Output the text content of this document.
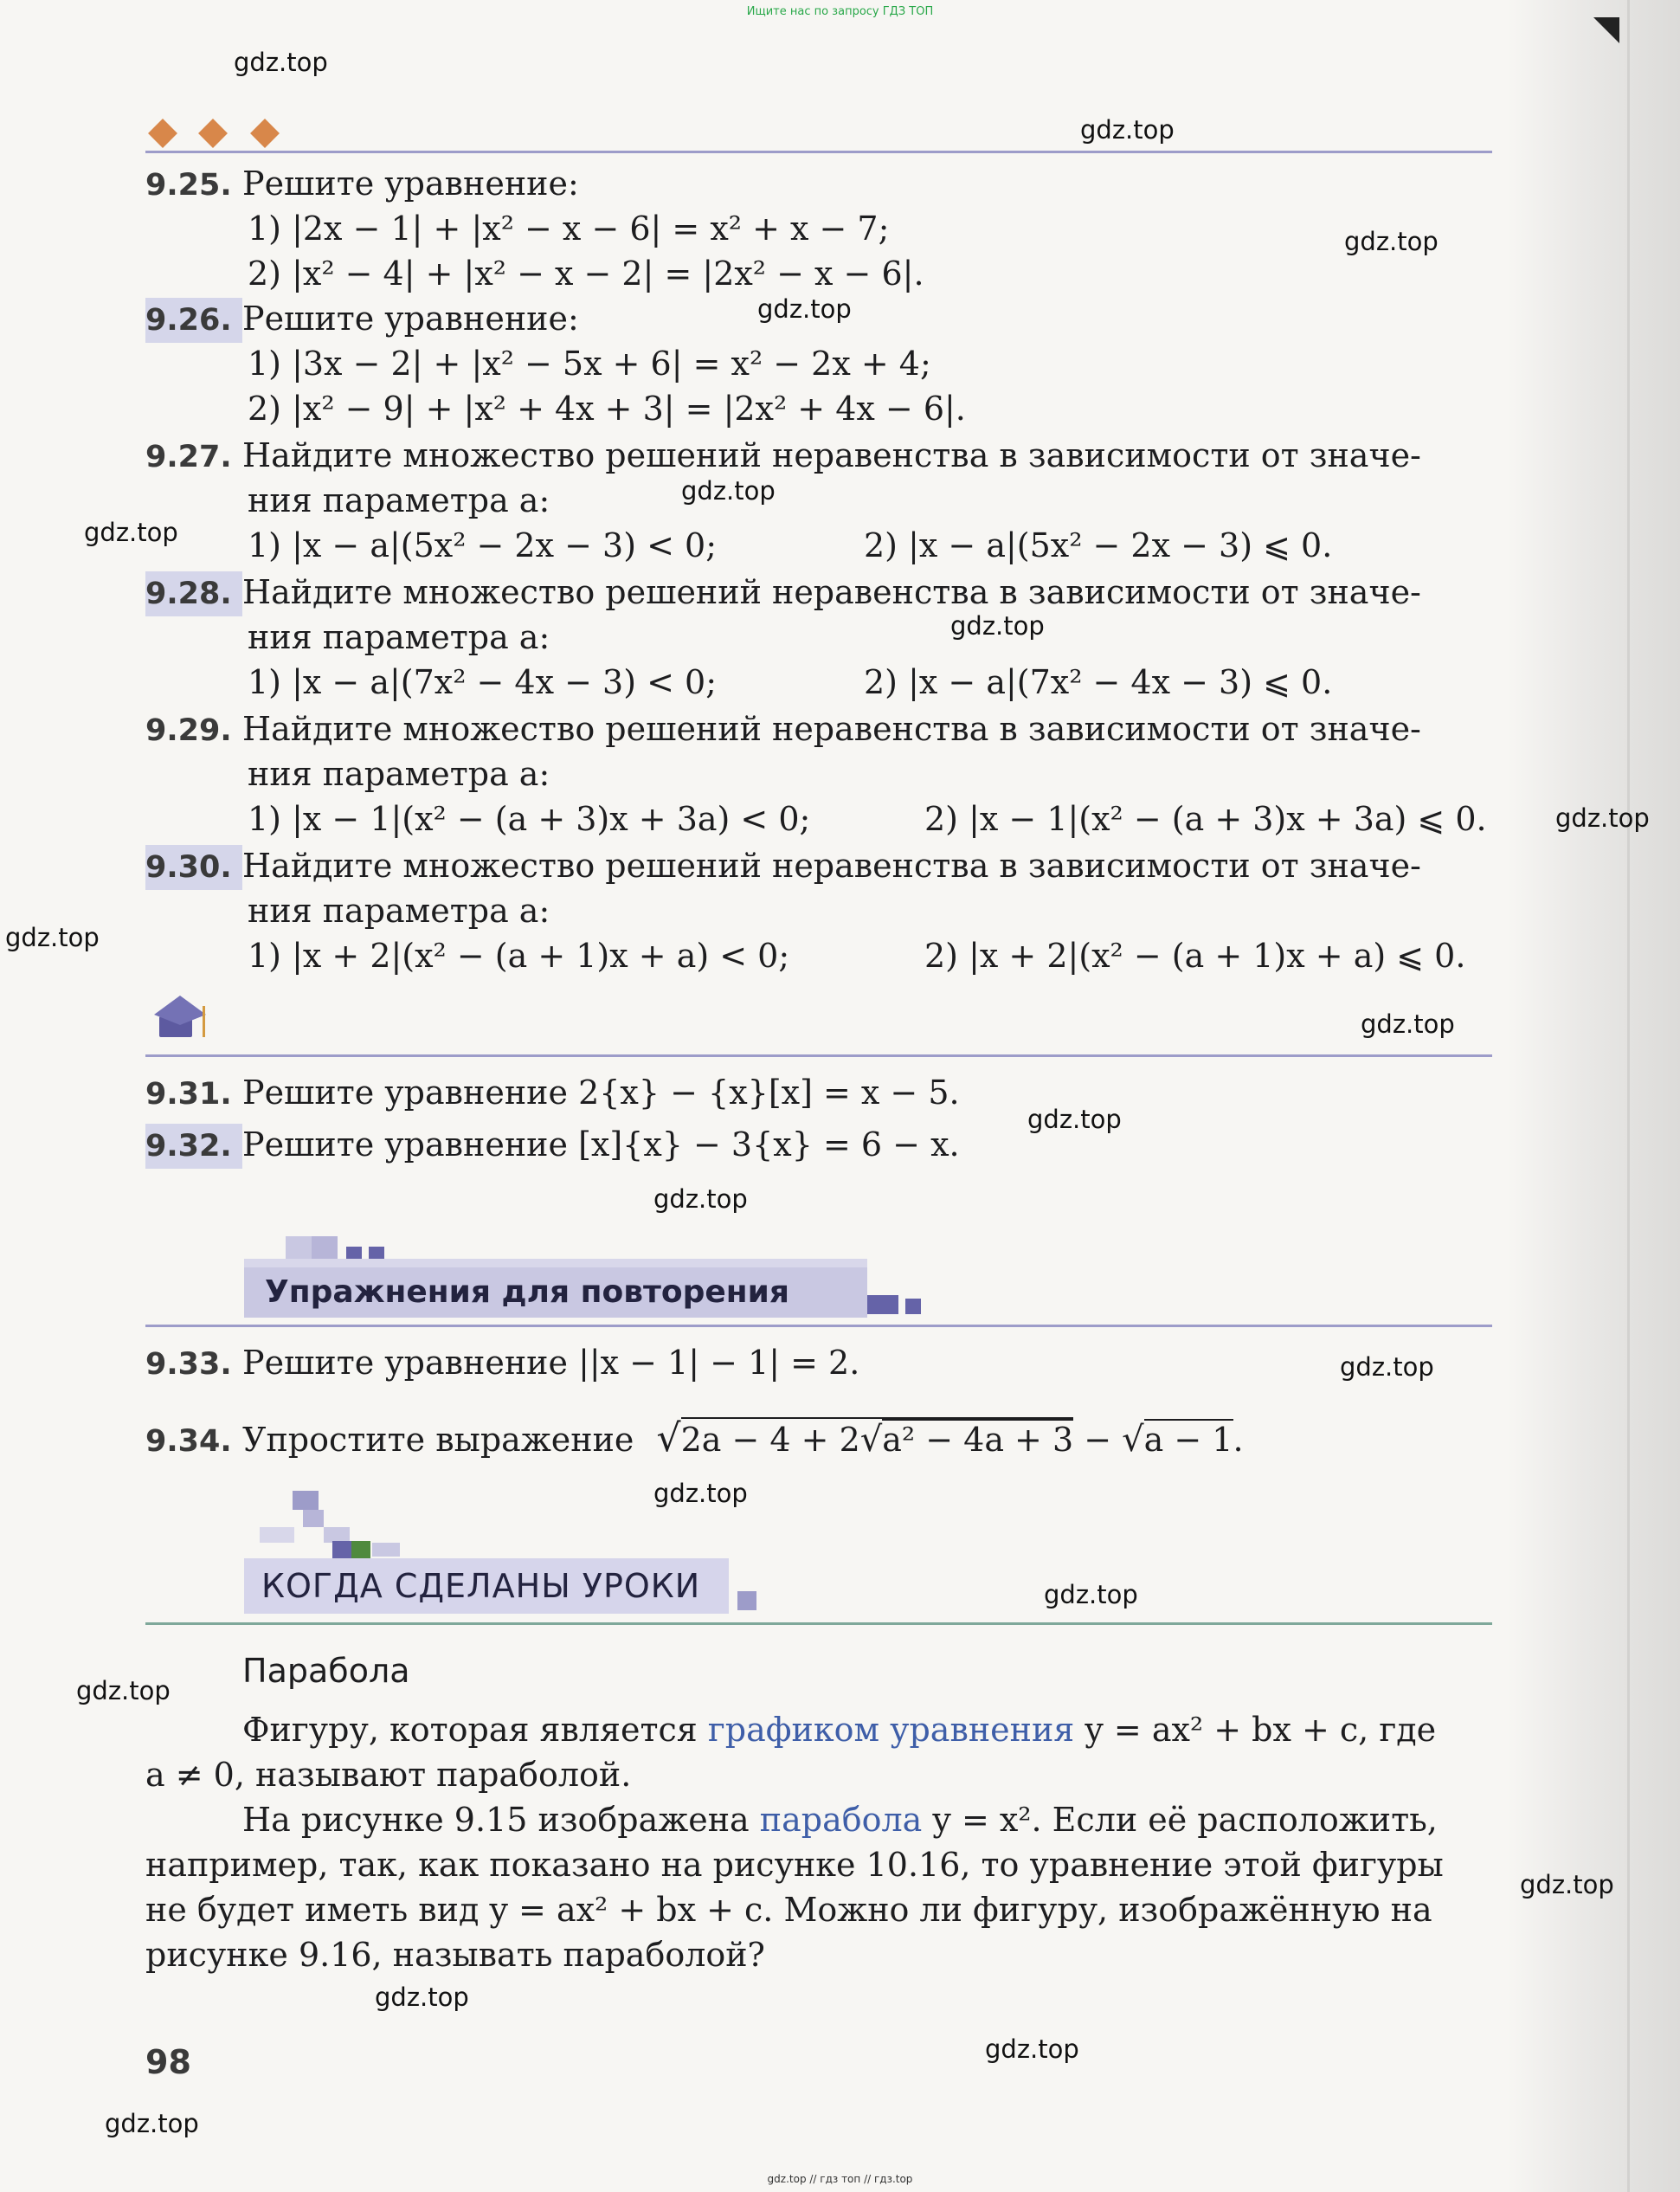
Ищите нас по запросу ГДЗ ТОП
gdz.top
gdz.top
gdz.top
gdz.top
gdz.top
gdz.top
gdz.top
gdz.top
gdz.top
gdz.top
gdz.top
gdz.top
gdz.top
gdz.top
gdz.top
gdz.top
gdz.top
gdz.top
gdz.top
gdz.top
9.25. Решите уравнение:
1) |2x − 1| + |x² − x − 6| = x² + x − 7;
2) |x² − 4| + |x² − x − 2| = |2x² − x − 6|.
9.26. Решите уравнение:
1) |3x − 2| + |x² − 5x + 6| = x² − 2x + 4;
2) |x² − 9| + |x² + 4x + 3| = |2x² + 4x − 6|.
9.27. Найдите множество решений неравенства в зависимости от значе-
ния параметра a:
1) |x − a|(5x² − 2x − 3) < 0;	2) |x − a|(5x² − 2x − 3) ⩽ 0.
9.28. Найдите множество решений неравенства в зависимости от значе-
ния параметра a:
1) |x − a|(7x² − 4x − 3) < 0;	2) |x − a|(7x² − 4x − 3) ⩽ 0.
9.29. Найдите множество решений неравенства в зависимости от значе-
ния параметра a:
1) |x − 1|(x² − (a + 3)x + 3a) < 0;	2) |x − 1|(x² − (a + 3)x + 3a) ⩽ 0.
9.30. Найдите множество решений неравенства в зависимости от значе-
ния параметра a:
1) |x + 2|(x² − (a + 1)x + a) < 0;	2) |x + 2|(x² − (a + 1)x + a) ⩽ 0.
9.31. Решите уравнение 2{x} − {x}[x] = x − 5.
9.32. Решите уравнение [x]{x} − 3{x} = 6 − x.
Упражнения для повторения
9.33. Решите уравнение ||x − 1| − 1| = 2.
9.34. Упростите выражение √2a − 4 + 2√a² − 4a + 3 − √a − 1.
КОГДА СДЕЛАНЫ УРОКИ
Парабола
Фигуру, которая является графиком уравнения y = ax² + bx + c, где
a ≠ 0, называют параболой.
На рисунке 9.15 изображена парабола y = x². Если её расположить,
например, так, как показано на рисунке 10.16, то уравнение этой фигуры
не будет иметь вид y = ax² + bx + c. Можно ли фигуру, изображённую на
рисунке 9.16, называть параболой?
98
gdz.top // гдз топ // гдз.top
